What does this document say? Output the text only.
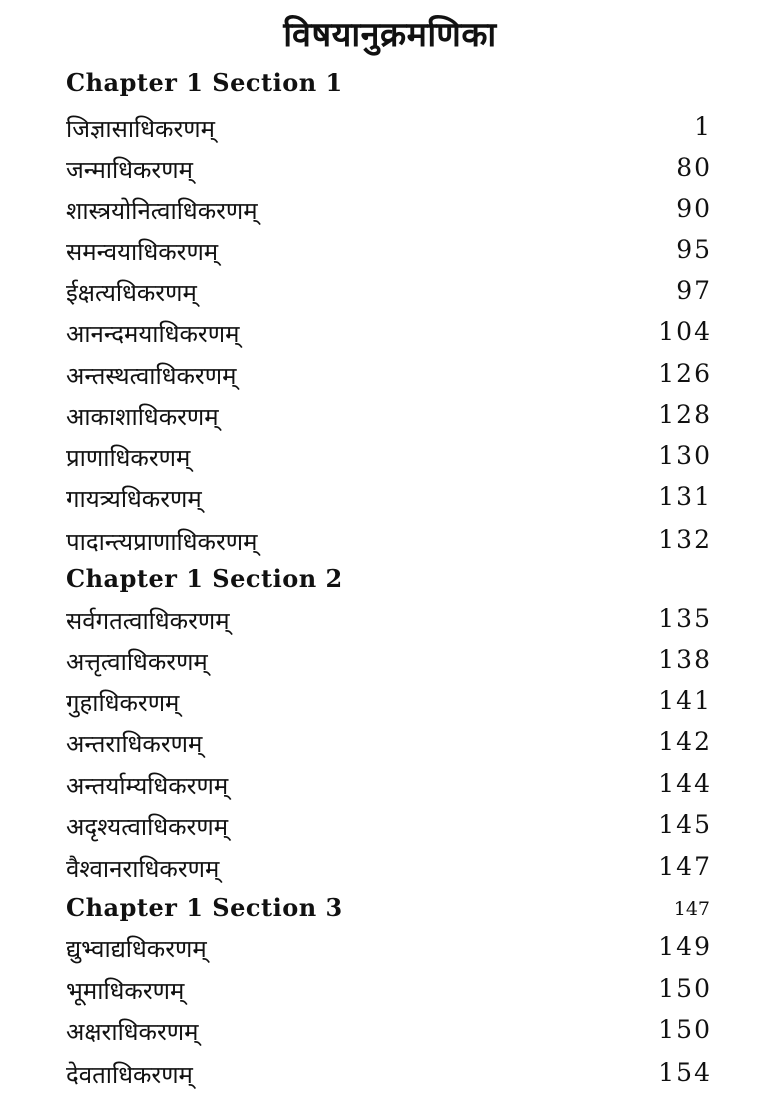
विषयानुक्रमणिका
Chapter 1 Section 1
जिज्ञासाधिकरणम्	1
जन्माधिकरणम्	80
शास्त्रयोनित्वाधिकरणम्	90
समन्वयाधिकरणम्	95
ईक्षत्यधिकरणम्	97
आनन्दमयाधिकरणम्	104
अन्तस्थत्वाधिकरणम्	126
आकाशाधिकरणम्	128
प्राणाधिकरणम्	130
गायत्र्यधिकरणम्	131
पादान्त्यप्राणाधिकरणम्	132
Chapter 1 Section 2
सर्वगतत्वाधिकरणम्	135
अत्तृत्वाधिकरणम्	138
गुहाधिकरणम्	141
अन्तराधिकरणम्	142
अन्तर्याम्यधिकरणम्	144
अदृश्यत्वाधिकरणम्	145
वैश्वानराधिकरणम्	147
Chapter 1 Section 3	147
द्युभ्वाद्यधिकरणम्	149
भूमाधिकरणम्	150
अक्षराधिकरणम्	150
देवताधिकरणम्	154
